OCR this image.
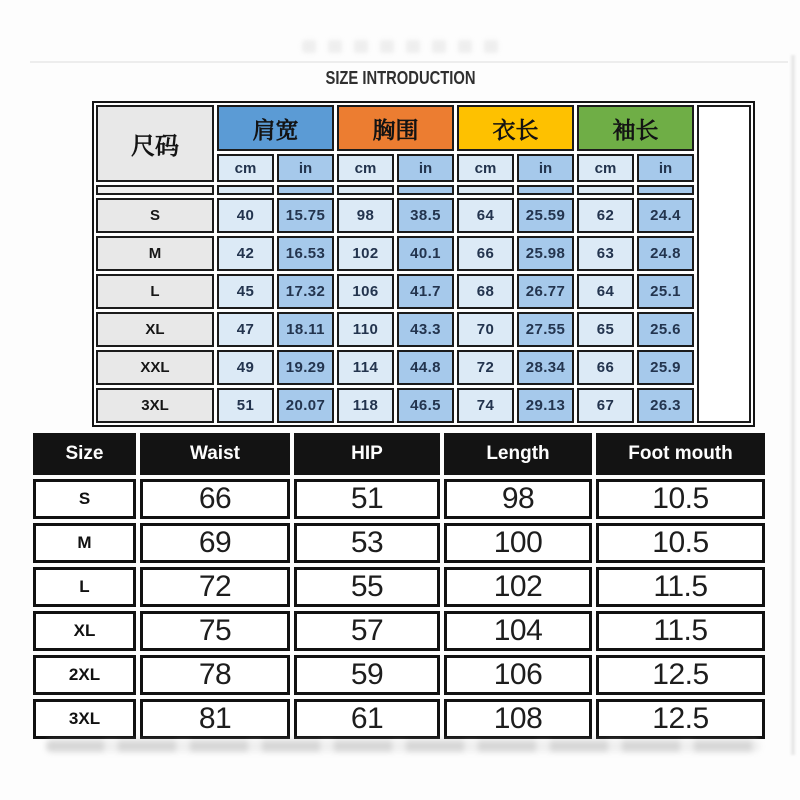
SIZE INTRODUCTION
尺码
肩宽	胸围	衣长	袖长
cm	in	cm	in	cm	in	cm	in
S	40	15.75	98	38.5	64	25.59	62	24.4
M	42	16.53	102	40.1	66	25.98	63	24.8
L	45	17.32	106	41.7	68	26.77	64	25.1
XL	47	18.11	110	43.3	70	27.55	65	25.6
XXL	49	19.29	114	44.8	72	28.34	66	25.9
3XL	51	20.07	118	46.5	74	29.13	67	26.3
Size	Waist	HIP	Length	Foot mouth
S	66	51	98	10.5
M	69	53	100	10.5
L	72	55	102	11.5
XL	75	57	104	11.5
2XL	78	59	106	12.5
3XL	81	61	108	12.5
